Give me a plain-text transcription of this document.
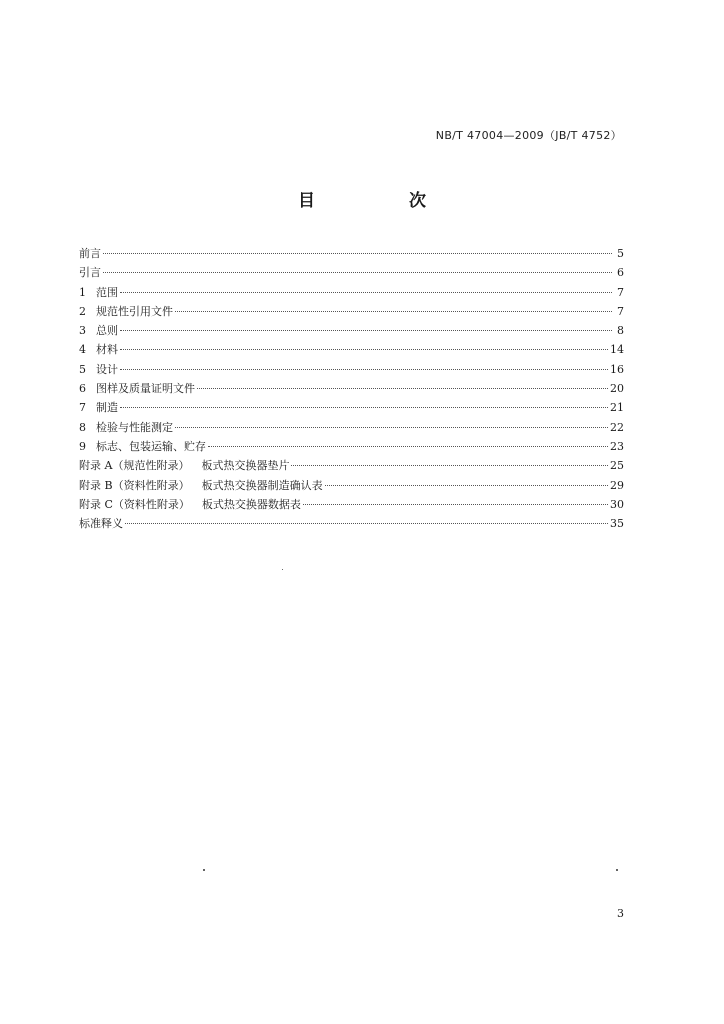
NB/T 47004—2009（JB/T 4752）
目 次
前言	5
引言	6
1 范围	7
2 规范性引用文件	7
3 总则	8
4 材料	14
5 设计	16
6 图样及质量证明文件	20
7 制造	21
8 检验与性能测定	22
9 标志、包装运输、贮存	23
附录 A（规范性附录） 板式热交换器垫片	25
附录 B（资料性附录） 板式热交换器制造确认表	29
附录 C（资料性附录） 板式热交换器数据表	30
标准释义	35
3
